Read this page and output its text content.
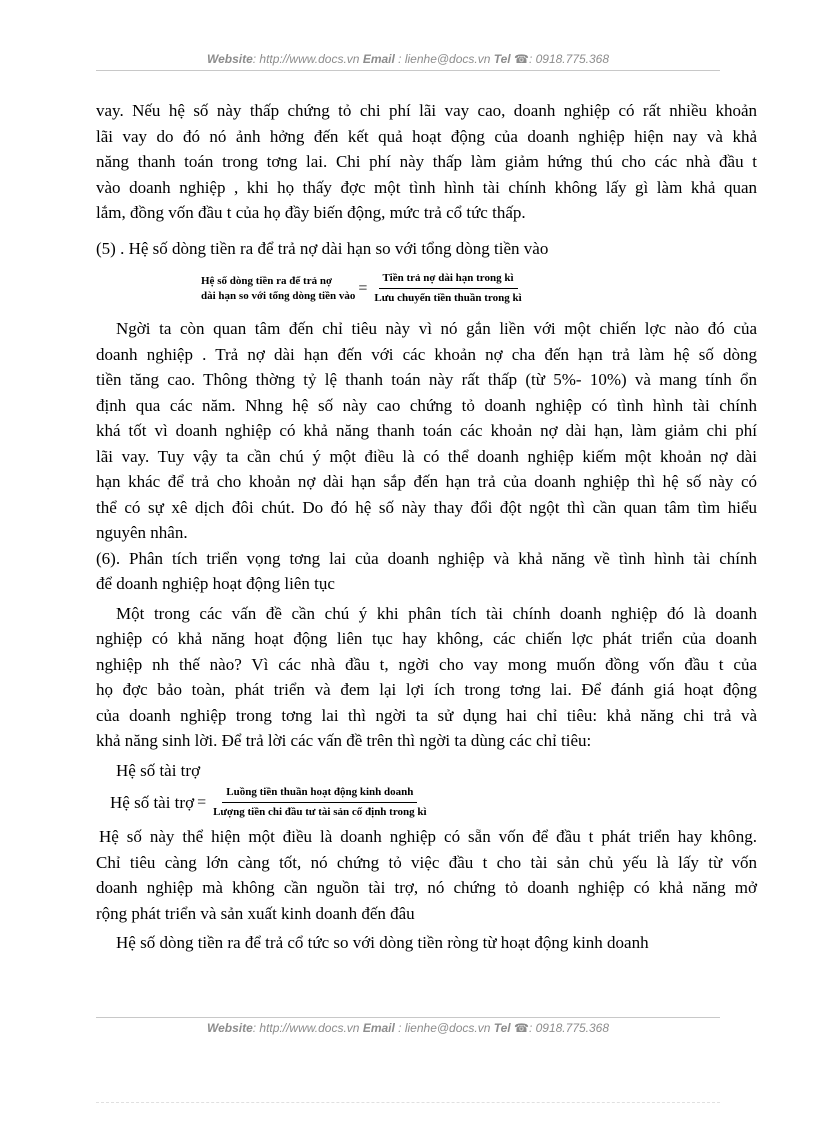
Website: http://www.docs.vn Email : lienhe@docs.vn Tel ☎: 0918.775.368

vay. Nếu hệ số này thấp chứng tỏ chi phí lãi vay cao, doanh nghiệp có rất nhiều khoản

lãi vay do đó nó ảnh hởng đến kết quả hoạt động của doanh nghiệp hiện nay và khả

năng thanh toán trong tơng lai. Chi phí này thấp làm giảm hứng thú cho các nhà đầu t

vào doanh nghiệp , khi họ thấy đợc một tình hình tài chính không lấy gì làm khả quan

lắm, đồng vốn đầu t của họ đầy biến động, mức trả cổ tức thấp.

(5) . Hệ số dòng tiền ra để trả nợ dài hạn so với tổng dòng tiền vào

Hệ số dòng tiền ra để trả nợ
dài hạn so với tổng dòng tiền vào = $\frac{\text{Tiền trả nợ dài hạn trong kì}}{\text{Lưu chuyển tiền thuần trong kì}}$

Ngời ta còn quan tâm đến chỉ tiêu này vì nó gắn liền với một chiến lợc nào đó của

doanh nghiệp . Trả nợ dài hạn đến với các khoản nợ cha đến hạn trả làm hệ số dòng

tiền tăng cao. Thông thờng tỷ lệ thanh toán này rất thấp (từ 5%- 10%) và mang tính ổn

định qua các năm. Nhng hệ số này cao chứng tỏ doanh nghiệp có tình hình tài chính

khá tốt vì doanh nghiệp có khả năng thanh toán các khoản nợ dài hạn, làm giảm chi phí

lãi vay. Tuy vậy ta cần chú ý một điều là có thể doanh nghiệp kiếm một khoản nợ dài

hạn khác để trả cho khoản nợ dài hạn sắp đến hạn trả của doanh nghiệp thì hệ số này có

thể có sự xê dịch đôi chút. Do đó hệ số này thay đổi đột ngột thì cần quan tâm tìm hiểu

nguyên nhân.

(6). Phân tích triển vọng tơng lai của doanh nghiệp và khả năng về tình hình tài chính

để doanh nghiệp hoạt động liên tục

Một trong các vấn đề cần chú ý khi phân tích tài chính doanh nghiệp đó là doanh

nghiệp có khả năng hoạt động liên tục hay không, các chiến lợc phát triển của doanh

nghiệp nh thế nào? Vì các nhà đầu t, ngời cho vay mong muốn đồng vốn đầu t của

họ đợc bảo toàn, phát triển và đem lại lợi ích trong tơng lai. Để đánh giá hoạt động

của doanh nghiệp trong tơng lai thì ngời ta sử dụng hai chỉ tiêu: khả năng chi trả và

khả năng sinh lời. Để trả lời các vấn đề trên thì ngời ta dùng các chỉ tiêu:

Hệ số tài trợ

Hệ số tài trợ = $\frac{\text{Luồng tiền thuần hoạt động kinh doanh}}{\text{Lượng tiền chi đầu tư tài sản cố định trong kì}}$

Hệ số này thể hiện một điều là doanh nghiệp có sẵn vốn để đầu t phát triển hay không.

Chỉ tiêu càng lớn càng tốt, nó chứng tỏ việc đầu t cho tài sản chủ yếu là lấy từ vốn

doanh nghiệp mà không cần nguồn tài trợ, nó chứng tỏ doanh nghiệp có khả năng mở

rộng phát triển và sản xuất kinh doanh đến đâu

Hệ số dòng tiền ra để trả cổ tức so với dòng tiền ròng từ hoạt động kinh doanh

Website: http://www.docs.vn Email : lienhe@docs.vn Tel ☎: 0918.775.368
